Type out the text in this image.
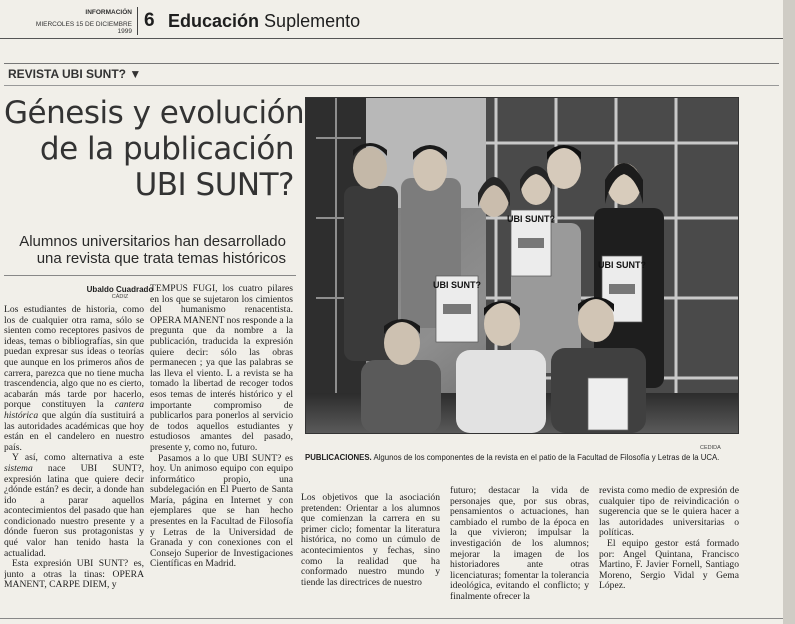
INFORMACIÓN
MIERCOLES 15 DE DICIEMBRE 1999
6 Educación Suplemento
REVISTA UBI SUNT? ▼
Génesis y evolución
de la publicación
UBI SUNT?
Alumnos universitarios han desarrollado
una revista que trata temas históricos
Ubaldo Cuadrado
CÁDIZ

Los estudiantes de historia, como los de cualquier otra rama, sólo se sienten como receptores pasivos de ideas, temas o bibliografías, sin que puedan expresar sus ideas o teorías que aunque en los primeros años de carrera, parezca que no tiene mucha trascendencia, algo que no es cierto, acabarán más tarde por hacerlo, porque constituyen la cantera histórica que algún día sustituirá a las autoridades académicas que hoy están en el candelero en nuestro país.

Y así, como alternativa a este sistema nace UBI SUNT?, expresión latina que quiere decir ¿dónde están? es decir, a donde han ido a parar aquellos acontecimientos del pasado que han condicionado nuestro presente y a dónde fueron sus protagonistas y qué valor han tenido hasta la actualidad.

Esta expresión UBI SUNT? es, junto a otras la tinas: OPERA MANENT, CARPE DIEM, y

TEMPUS FUGI, los cuatro pilares en los que se sujetaron los cimientos del humanismo renacentista. OPERA MANENT nos responde a la pregunta que da nombre a la publicación, traducida la expresión quiere decir: sólo las obras permanecen ; ya que las palabras se las lleva el viento. L a revista se ha tomado la libertad de recoger todos esos temas de interés histórico y el importante compromiso de publicarlos para ponerlos al servicio de todos aquellos estudiantes y estudiosos amantes del pasado, presente y, como no, futuro.

Pasamos a lo que UBI SUNT? es hoy. Un animoso equipo con equipo informático propio, una subdelegación en El Puerto de Santa María, página en Internet y con ejemplares que se han hecho presentes en la Facultad de Filosofía y Letras de la Universidad de Granada y con conexiones con el Consejo Superior de Investigaciones Científicas en Madrid.

UBI SUNT?
UBI SUNT?
UBI SUNT?
CEDIDA
PUBLICACIONES. Algunos de los componentes de la revista en el patio de la Facultad de Filosofía y Letras de la UCA.

Los objetivos que la asociación pretenden: Orientar a los alumnos que comienzan la carrera en su primer ciclo; fomentar la literatura histórica, no como un cúmulo de acontecimientos y fechas, sino como la realidad que ha conformado nuestro mundo y tiende las directrices de nuestro

futuro; destacar la vida de personajes que, por sus obras, pensamientos o actuaciones, han cambiado el rumbo de la época en la que vivieron; impulsar la investigación de los alumnos; mejorar la imagen de los historiadores ante otras licenciaturas; fomentar la tolerancia ideológica, evitando el conflicto; y finalmente ofrecer la

revista como medio de expresión de cualquier tipo de reivindicación o sugerencia que se le quiera hacer a las autoridades universitarias o políticas.

El equipo gestor está formado por: Angel Quintana, Francisco Martino, F. Javier Fornell, Santiago Moreno, Sergio Vidal y Gema López.
